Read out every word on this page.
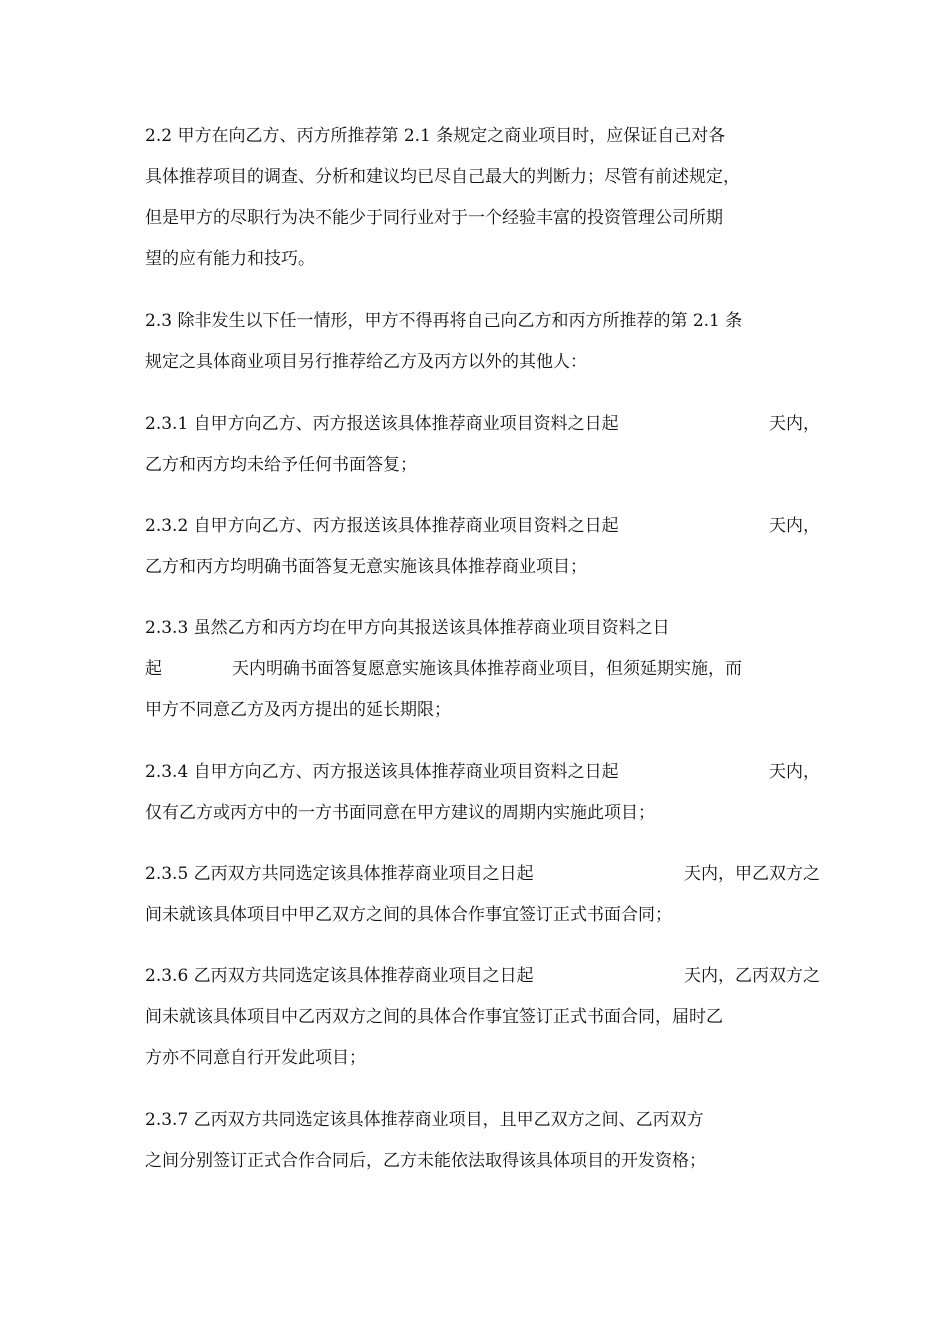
2.2 甲方在向乙方、丙方所推荐第 2.1 条规定之商业项目时，应保证自己对各
具体推荐项目的调查、分析和建议均已尽自己最大的判断力；尽管有前述规定，
但是甲方的尽职行为决不能少于同行业对于一个经验丰富的投资管理公司所期
望的应有能力和技巧。
2.3 除非发生以下任一情形，甲方不得再将自己向乙方和丙方所推荐的第 2.1 条
规定之具体商业项目另行推荐给乙方及丙方以外的其他人：
2.3.1 自甲方向乙方、丙方报送该具体推荐商业项目资料之日起	天内，
乙方和丙方均未给予任何书面答复；
2.3.2 自甲方向乙方、丙方报送该具体推荐商业项目资料之日起	天内，
乙方和丙方均明确书面答复无意实施该具体推荐商业项目；
2.3.3 虽然乙方和丙方均在甲方向其报送该具体推荐商业项目资料之日
起	天内明确书面答复愿意实施该具体推荐商业项目，但须延期实施，而
甲方不同意乙方及丙方提出的延长期限；
2.3.4 自甲方向乙方、丙方报送该具体推荐商业项目资料之日起	天内，
仅有乙方或丙方中的一方书面同意在甲方建议的周期内实施此项目；
2.3.5 乙丙双方共同选定该具体推荐商业项目之日起	天内，甲乙双方之
间未就该具体项目中甲乙双方之间的具体合作事宜签订正式书面合同；
2.3.6 乙丙双方共同选定该具体推荐商业项目之日起	天内，乙丙双方之
间未就该具体项目中乙丙双方之间的具体合作事宜签订正式书面合同，届时乙
方亦不同意自行开发此项目；
2.3.7 乙丙双方共同选定该具体推荐商业项目，且甲乙双方之间、乙丙双方
之间分别签订正式合作合同后，乙方未能依法取得该具体项目的开发资格；
